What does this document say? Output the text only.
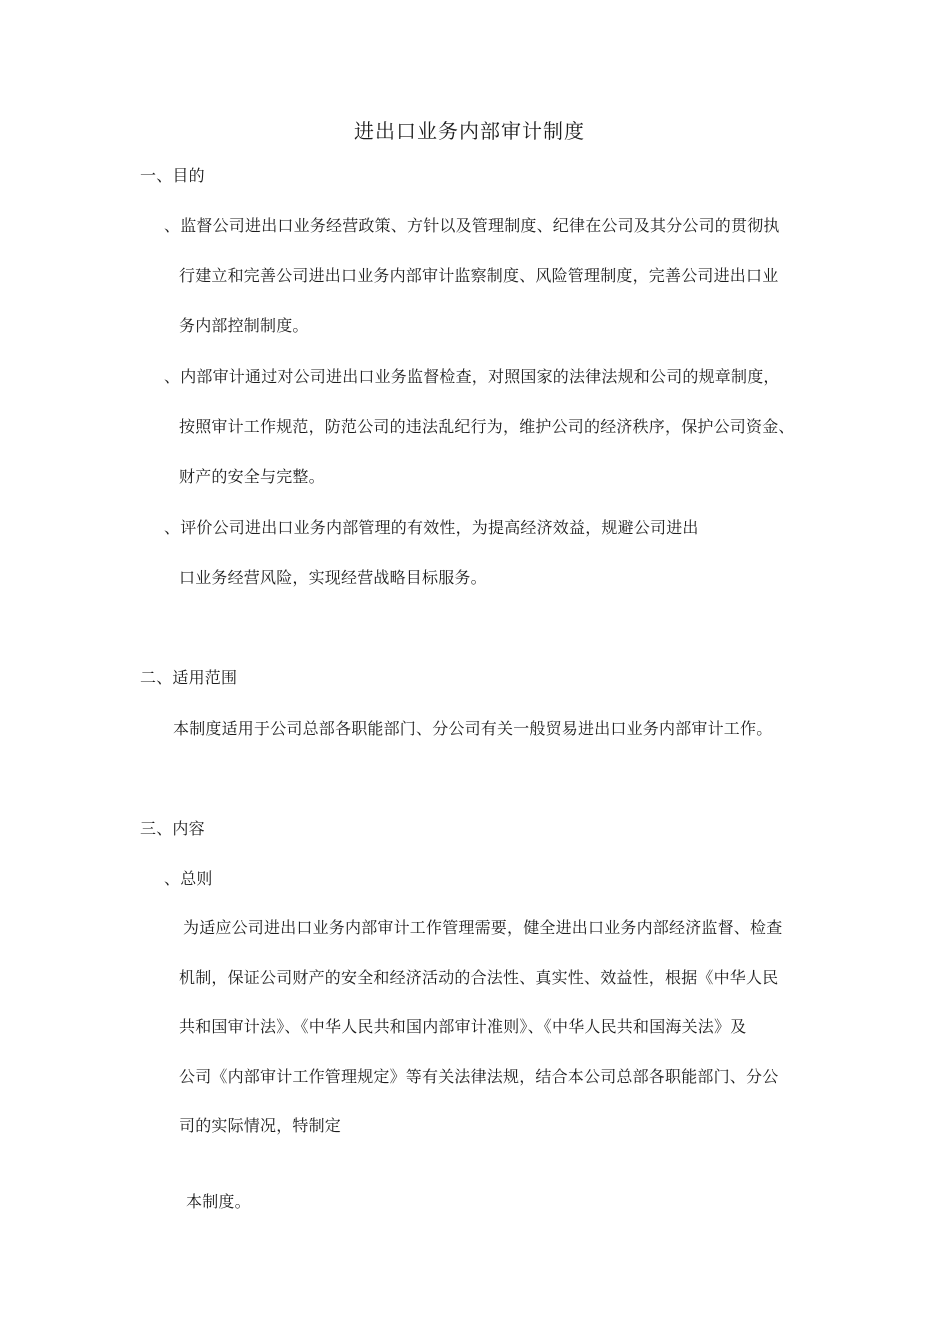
进出口业务内部审计制度
一、目的
、监督公司进出口业务经营政策、方针以及管理制度、纪律在公司及其分公司的贯彻执
行建立和完善公司进出口业务内部审计监察制度、风险管理制度，完善公司进出口业
务内部控制制度。
、内部审计通过对公司进出口业务监督检查，对照国家的法律法规和公司的规章制度，
按照审计工作规范，防范公司的违法乱纪行为，维护公司的经济秩序，保护公司资金、
财产的安全与完整。
、评价公司进出口业务内部管理的有效性，为提高经济效益，规避公司进出
口业务经营风险，实现经营战略目标服务。
二、适用范围
本制度适用于公司总部各职能部门、分公司有关一般贸易进出口业务内部审计工作。
三、内容
、总则
为适应公司进出口业务内部审计工作管理需要，健全进出口业务内部经济监督、检查
机制，保证公司财产的安全和经济活动的合法性、真实性、效益性，根据《中华人民
共和国审计法》、《中华人民共和国内部审计准则》、《中华人民共和国海关法》及
公司《内部审计工作管理规定》等有关法律法规，结合本公司总部各职能部门、分公
司的实际情况，特制定
本制度。
